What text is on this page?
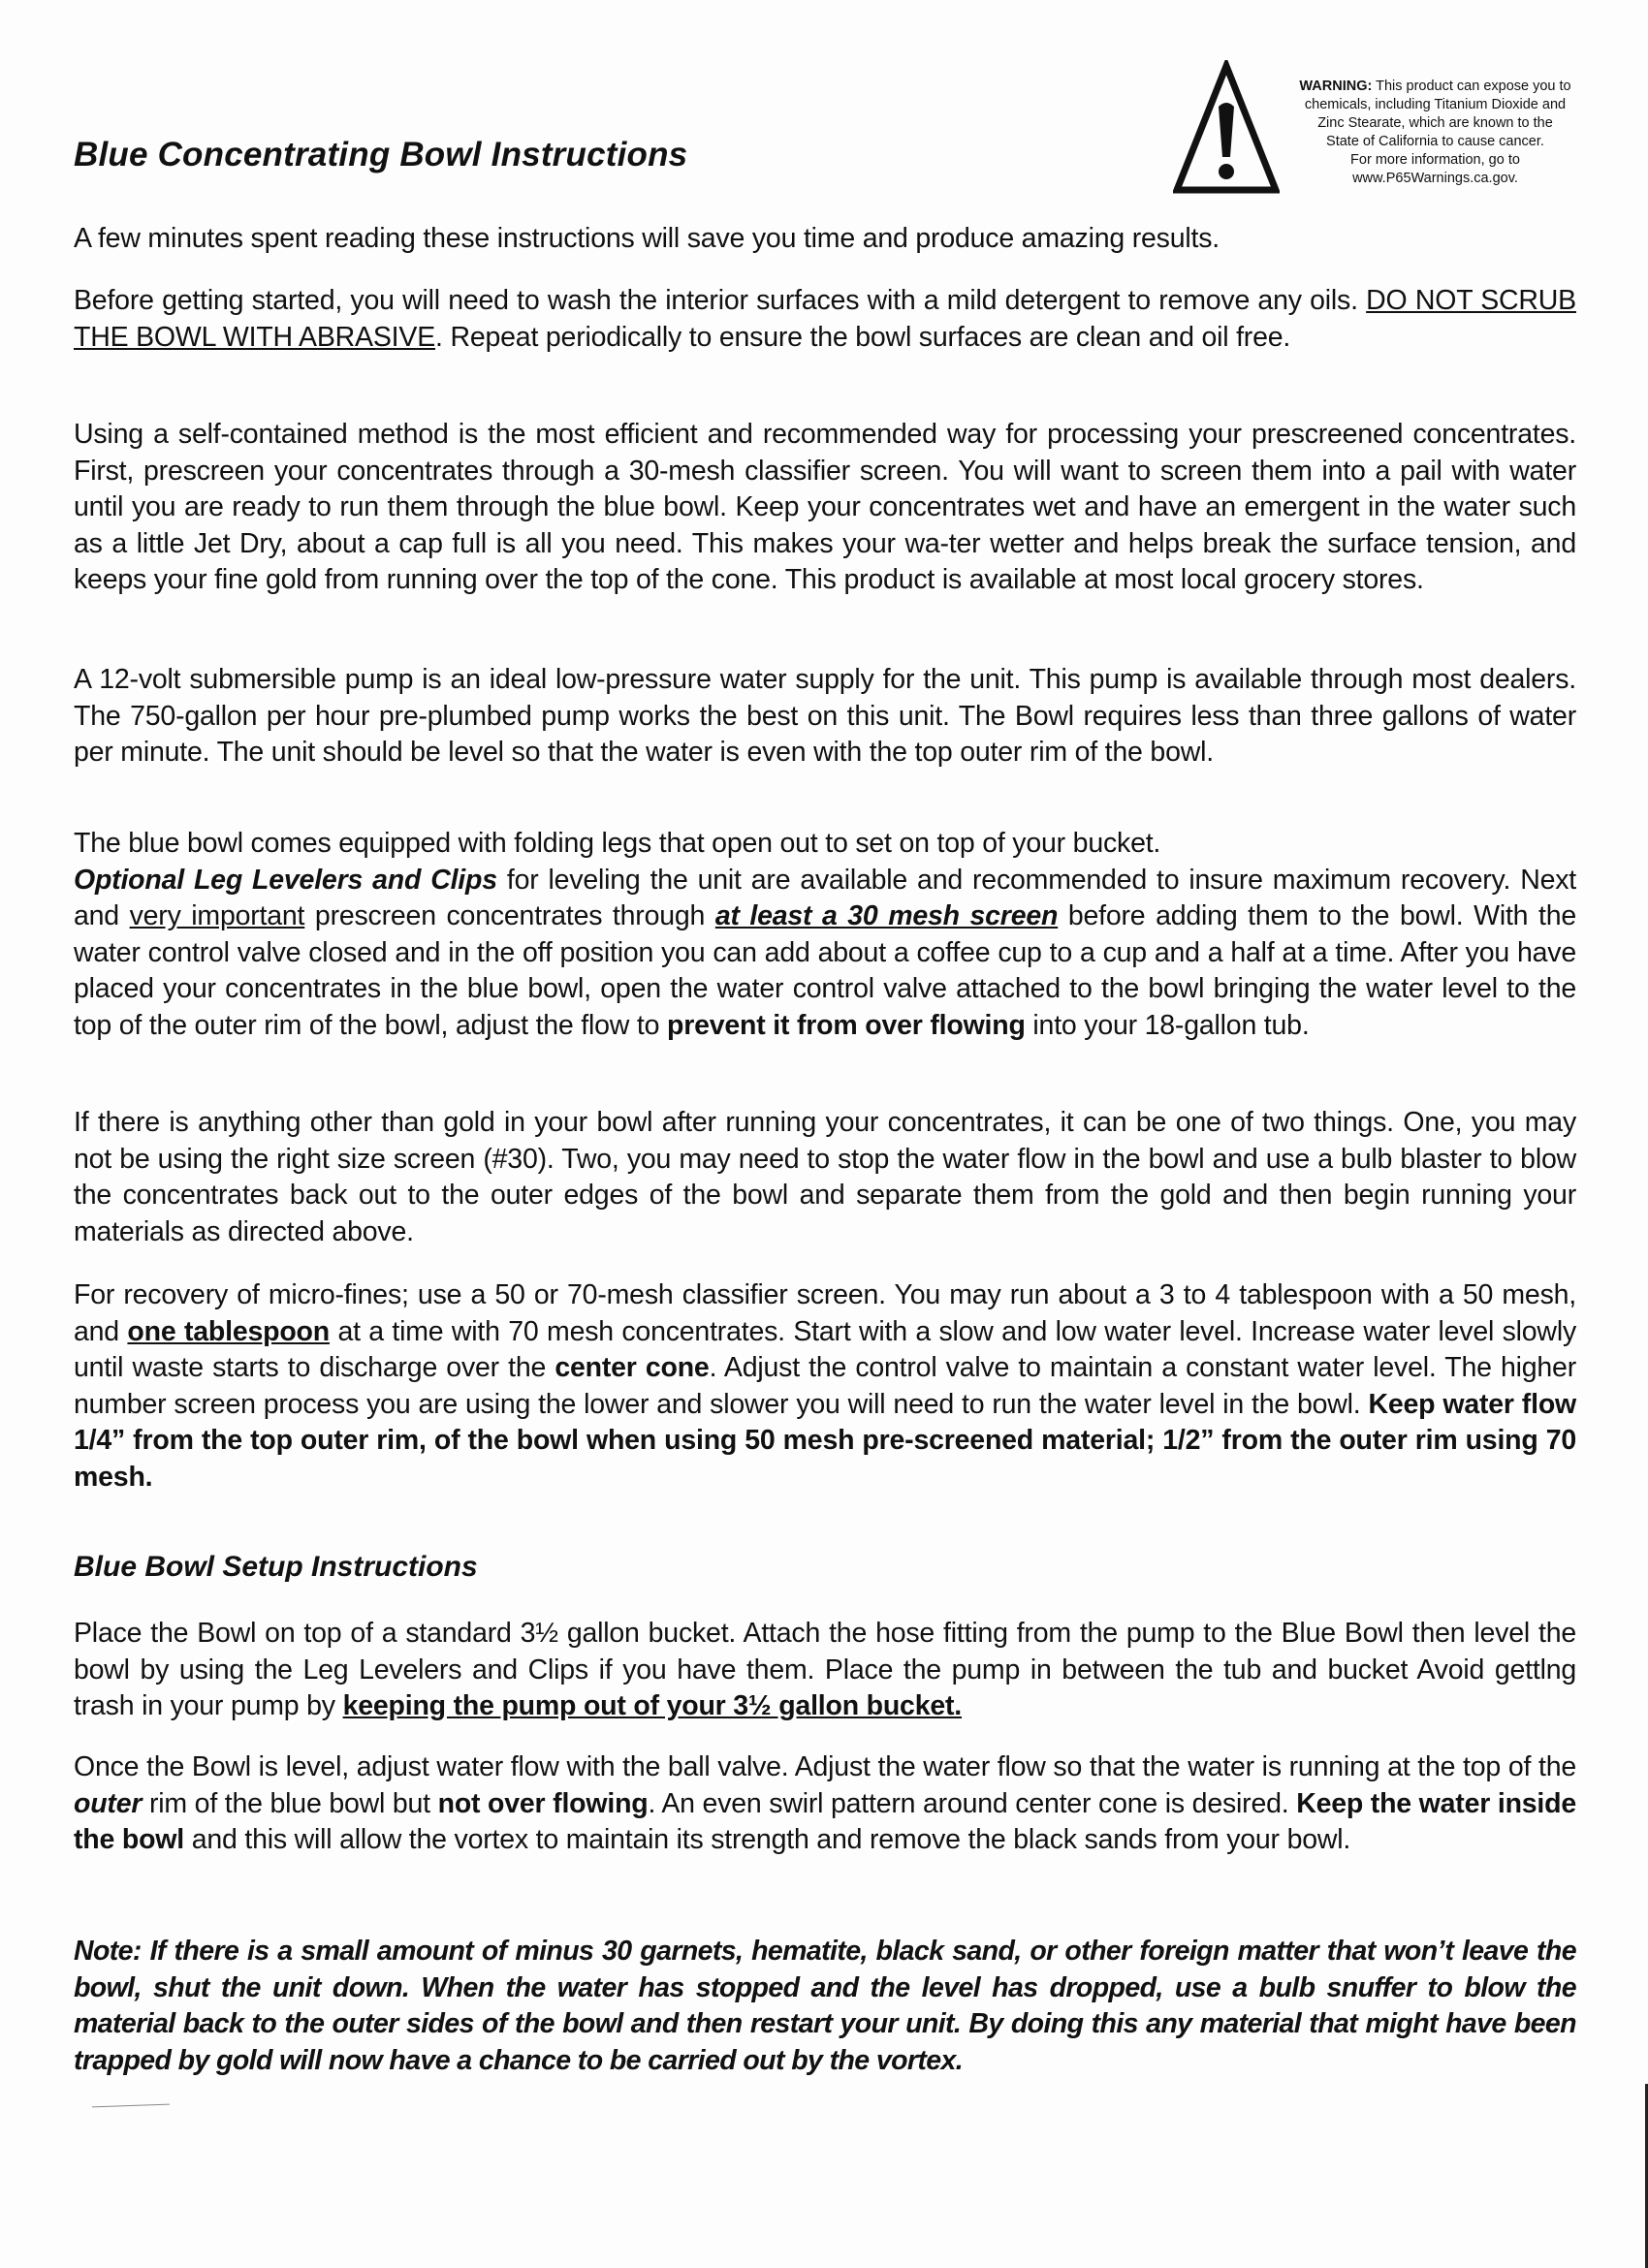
Blue Concentrating Bowl Instructions
WARNING: This product can expose you to
chemicals, including Titanium Dioxide and
Zinc Stearate, which are known to the
State of California to cause cancer.
For more information, go to
www.P65Warnings.ca.gov.

A few minutes spent reading these instructions will save you time and produce amazing results.

Before getting started, you will need to wash the interior surfaces with a mild detergent to remove any oils. DO NOT SCRUB THE BOWL WITH ABRASIVE. Repeat periodically to ensure the bowl surfaces are clean and oil free.

Using a self-contained method is the most efficient and recommended way for processing your prescreened concentrates. First, prescreen your concentrates through a 30-mesh classifier screen. You will want to screen them into a pail with water until you are ready to run them through the blue bowl. Keep your concentrates wet and have an emergent in the water such as a little Jet Dry, about a cap full is all you need. This makes your wa-ter wetter and helps break the surface tension, and keeps your fine gold from running over the top of the cone. This product is available at most local grocery stores.

A 12-volt submersible pump is an ideal low-pressure water supply for the unit. This pump is available through most dealers. The 750-gallon per hour pre-plumbed pump works the best on this unit. The Bowl requires less than three gallons of water per minute. The unit should be level so that the water is even with the top outer rim of the bowl.

The blue bowl comes equipped with folding legs that open out to set on top of your bucket.

Optional Leg Levelers and Clips for leveling the unit are available and recommended to insure maximum recovery. Next and very important prescreen concentrates through at least a 30 mesh screen before adding them to the bowl. With the water control valve closed and in the off position you can add about a coffee cup to a cup and a half at a time. After you have placed your concentrates in the blue bowl, open the water control valve attached to the bowl bringing the water level to the top of the outer rim of the bowl, adjust the flow to prevent it from over flowing into your 18-gallon tub.

If there is anything other than gold in your bowl after running your concentrates, it can be one of two things. One, you may not be using the right size screen (#30). Two, you may need to stop the water flow in the bowl and use a bulb blaster to blow the concentrates back out to the outer edges of the bowl and separate them from the gold and then begin running your materials as directed above.

For recovery of micro-fines; use a 50 or 70-mesh classifier screen. You may run about a 3 to 4 tablespoon with a 50 mesh, and one tablespoon at a time with 70 mesh concentrates. Start with a slow and low water level. Increase water level slowly until waste starts to discharge over the center cone. Adjust the control valve to maintain a constant water level. The higher number screen process you are using the lower and slower you will need to run the water level in the bowl. Keep water flow 1/4” from the top outer rim, of the bowl when using 50 mesh pre-screened material; 1/2” from the outer rim using 70 mesh.

Blue Bowl Setup Instructions

Place the Bowl on top of a standard 3½ gallon bucket. Attach the hose fitting from the pump to the Blue Bowl then level the bowl by using the Leg Levelers and Clips if you have them. Place the pump in between the tub and bucket Avoid gettlng trash in your pump by keeping the pump out of your 3½ gallon bucket.

Once the Bowl is level, adjust water flow with the ball valve. Adjust the water flow so that the water is running at the top of the outer rim of the blue bowl but not over flowing. An even swirl pattern around center cone is desired. Keep the water inside the bowl and this will allow the vortex to maintain its strength and remove the black sands from your bowl.

Note: If there is a small amount of minus 30 garnets, hematite, black sand, or other foreign matter that won’t leave the bowl, shut the unit down. When the water has stopped and the level has dropped, use a bulb snuffer to blow the material back to the outer sides of the bowl and then restart your unit. By doing this any material that might have been trapped by gold will now have a chance to be carried out by the vortex.
